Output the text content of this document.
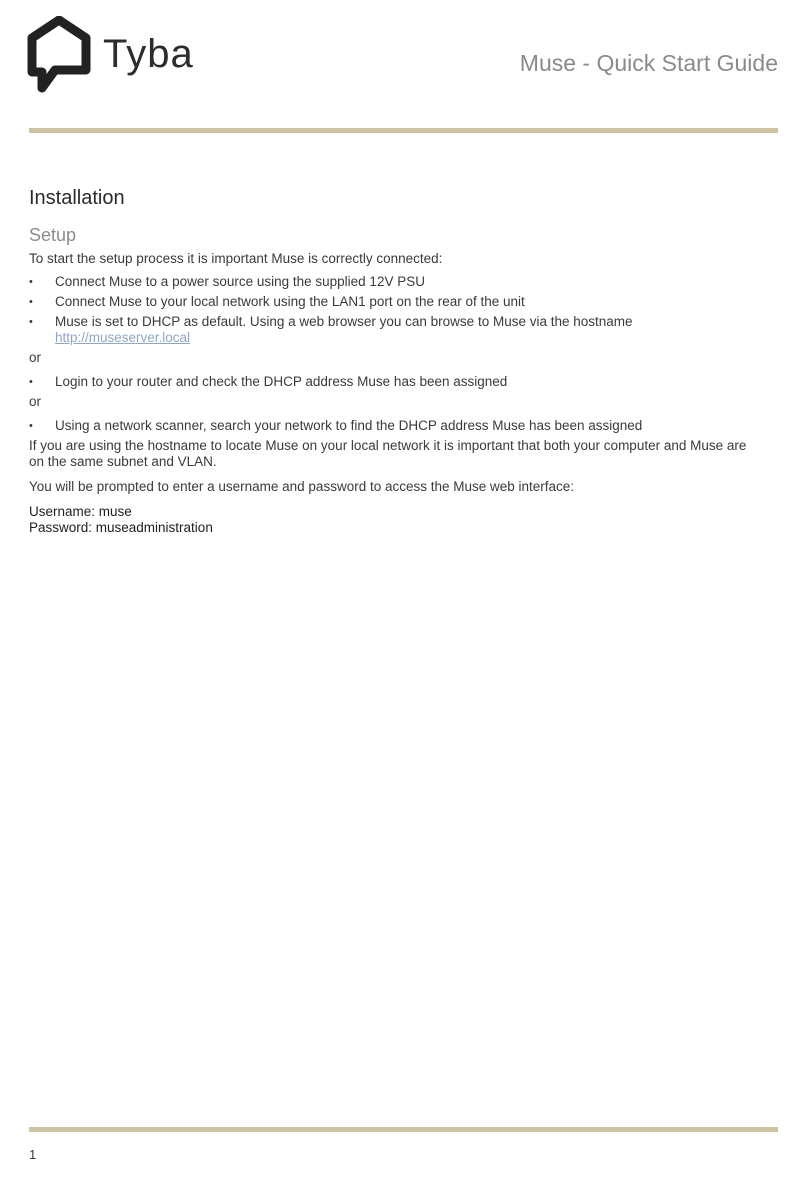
Tyba	Muse - Quick Start Guide
Installation
Setup

To start the setup process it is important Muse is correctly connected:

• Connect Muse to a power source using the supplied 12V PSU
• Connect Muse to your local network using the LAN1 port on the rear of the unit
• Muse is set to DHCP as default. Using a web browser you can browse to Muse via the hostname
http://museserver.local

or

• Login to your router and check the DHCP address Muse has been assigned

or

• Using a network scanner, search your network to find the DHCP address Muse has been assigned

If you are using the hostname to locate Muse on your local network it is important that both your computer and Muse are on the same subnet and VLAN.

You will be prompted to enter a username and password to access the Muse web interface:

Username: muse
Password: museadministration
1
